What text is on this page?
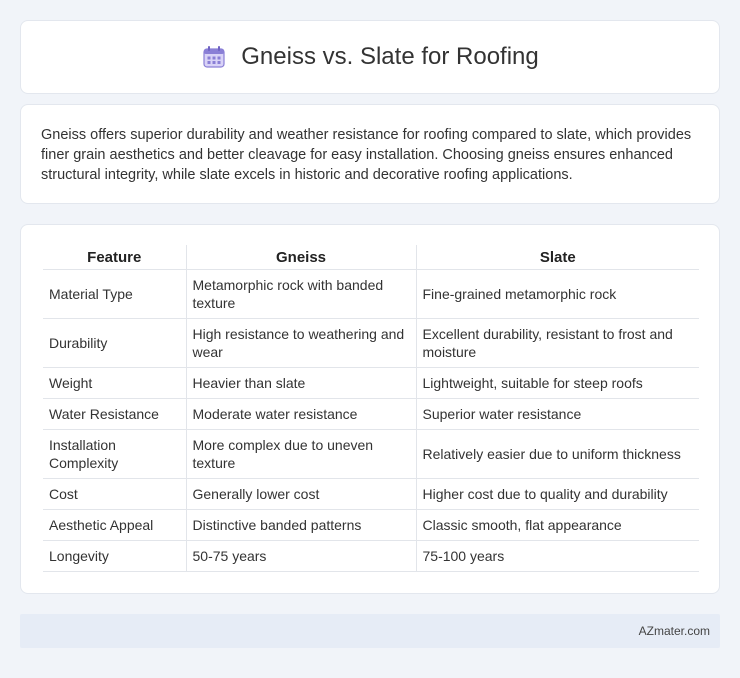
Gneiss vs. Slate for Roofing

Gneiss offers superior durability and weather resistance for roofing compared to slate, which provides finer grain aesthetics and better cleavage for easy installation. Choosing gneiss ensures enhanced structural integrity, while slate excels in historic and decorative roofing applications.

Feature	Gneiss	Slate
Material Type	Metamorphic rock with banded texture	Fine-grained metamorphic rock
Durability	High resistance to weathering and wear	Excellent durability, resistant to frost and moisture
Weight	Heavier than slate	Lightweight, suitable for steep roofs
Water Resistance	Moderate water resistance	Superior water resistance
Installation Complexity	More complex due to uneven texture	Relatively easier due to uniform thickness
Cost	Generally lower cost	Higher cost due to quality and durability
Aesthetic Appeal	Distinctive banded patterns	Classic smooth, flat appearance
Longevity	50-75 years	75-100 years
AZmater.com
